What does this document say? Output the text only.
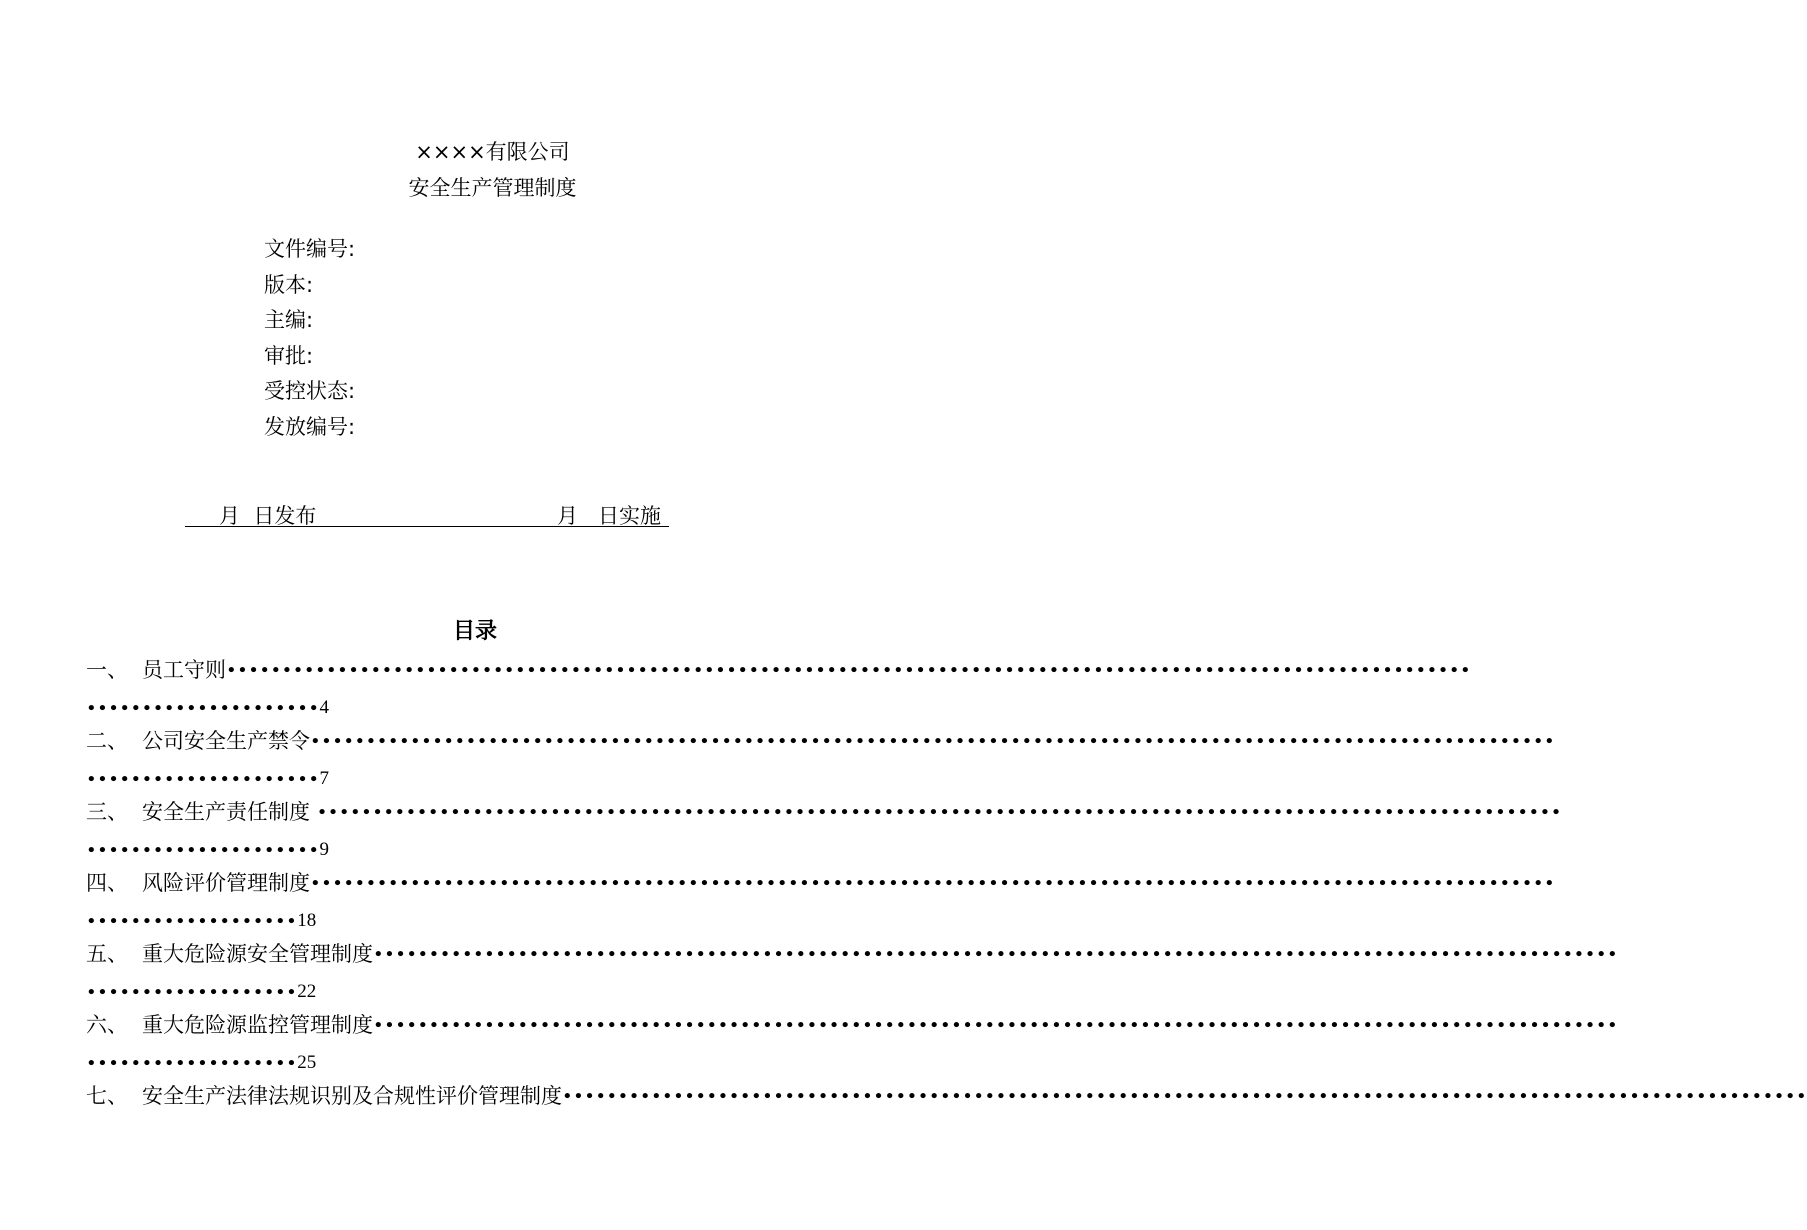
××××有限公司
安全生产管理制度
文件编号:
版本:
主编:
审批:
受控状态:
发放编号:
月  日发布	月   日实施
目录
一、 员工守则 ••••••••••••••••••••••••••••••••••••••••••••••••••••••••••••••••••••••••••••••••••••••••••••••••••••••••••••••••
••••••••••••••••••••• 4
二、 公司安全生产禁令 ••••••••••••••••••••••••••••••••••••••••••••••••••••••••••••••••••••••••••••••••••••••••••••••••••••••••••••••••
••••••••••••••••••••• 7
三、 安全生产责任制度 ••••••••••••••••••••••••••••••••••••••••••••••••••••••••••••••••••••••••••••••••••••••••••••••••••••••••••••••••
••••••••••••••••••••• 9
四、 风险评价管理制度 ••••••••••••••••••••••••••••••••••••••••••••••••••••••••••••••••••••••••••••••••••••••••••••••••••••••••••••••••
••••••••••••••••••• 18
五、 重大危险源安全管理制度 ••••••••••••••••••••••••••••••••••••••••••••••••••••••••••••••••••••••••••••••••••••••••••••••••••••••••••••••••
••••••••••••••••••• 22
六、 重大危险源监控管理制度 ••••••••••••••••••••••••••••••••••••••••••••••••••••••••••••••••••••••••••••••••••••••••••••••••••••••••••••••••
••••••••••••••••••• 25
七、 安全生产法律法规识别及合规性评价管理制度 ••••••••••••••••••••••••••••••••••••••••••••••••••••••••••••••••••••••••••••••••••••••••••••••••••••••••••••••••
